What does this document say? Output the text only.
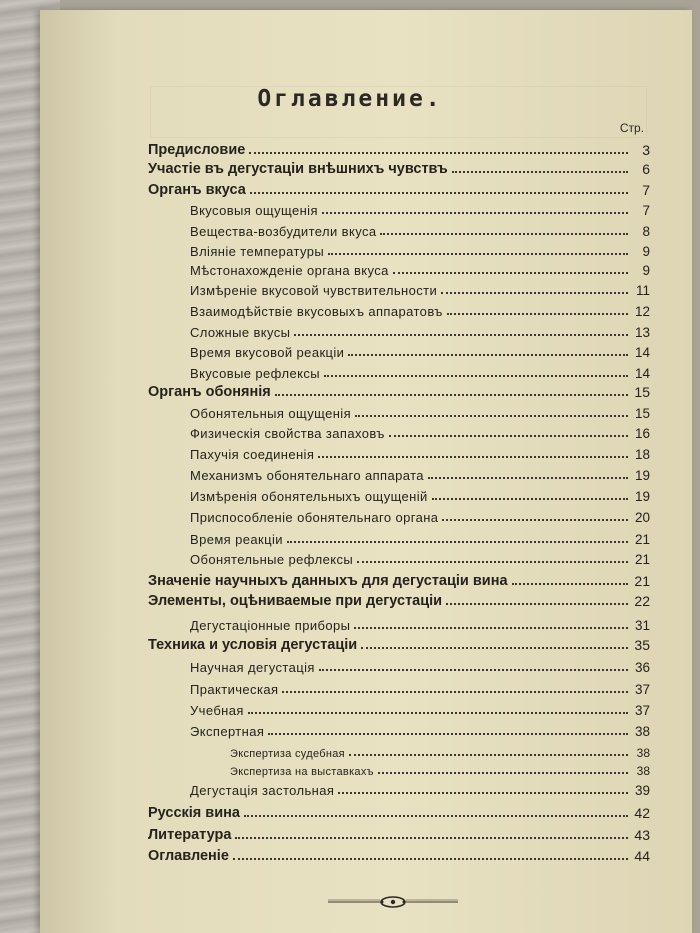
Оглавление.
Стр.
Предисловие	3
Участіе въ дегустаціи внѣшнихъ чувствъ	6
Органъ вкуса	7
Вкусовыя ощущенія	7
Вещества-возбудители вкуса	8
Вліяніе температуры	9
Мѣстонахожденіе органа вкуса	9
Измѣреніе вкусовой чувствительности	11
Взаимодѣйствіе вкусовыхъ аппаратовъ	12
Сложные вкусы	13
Время вкусовой реакціи	14
Вкусовые рефлексы	14
Органъ обонянія	15
Обонятельныя ощущенія	15
Физическія свойства запаховъ	16
Пахучія соединенія	18
Механизмъ обонятельнаго аппарата	19
Измѣренія обонятельныхъ ощущеній	19
Приспособленіе обонятельнаго органа	20
Время реакціи	21
Обонятельные рефлексы	21
Значеніе научныхъ данныхъ для дегустаціи вина	21
Элементы, оцѣниваемые при дегустаціи	22
Дегустаціонные приборы	31
Техника и условія дегустаціи	35
Научная дегустація	36
Практическая	37
Учебная	37
Экспертная	38
Экспертиза судебная	38
Экспертиза на выставкахъ	38
Дегустація застольная	39
Русскія вина	42
Литература	43
Оглавленіе	44
